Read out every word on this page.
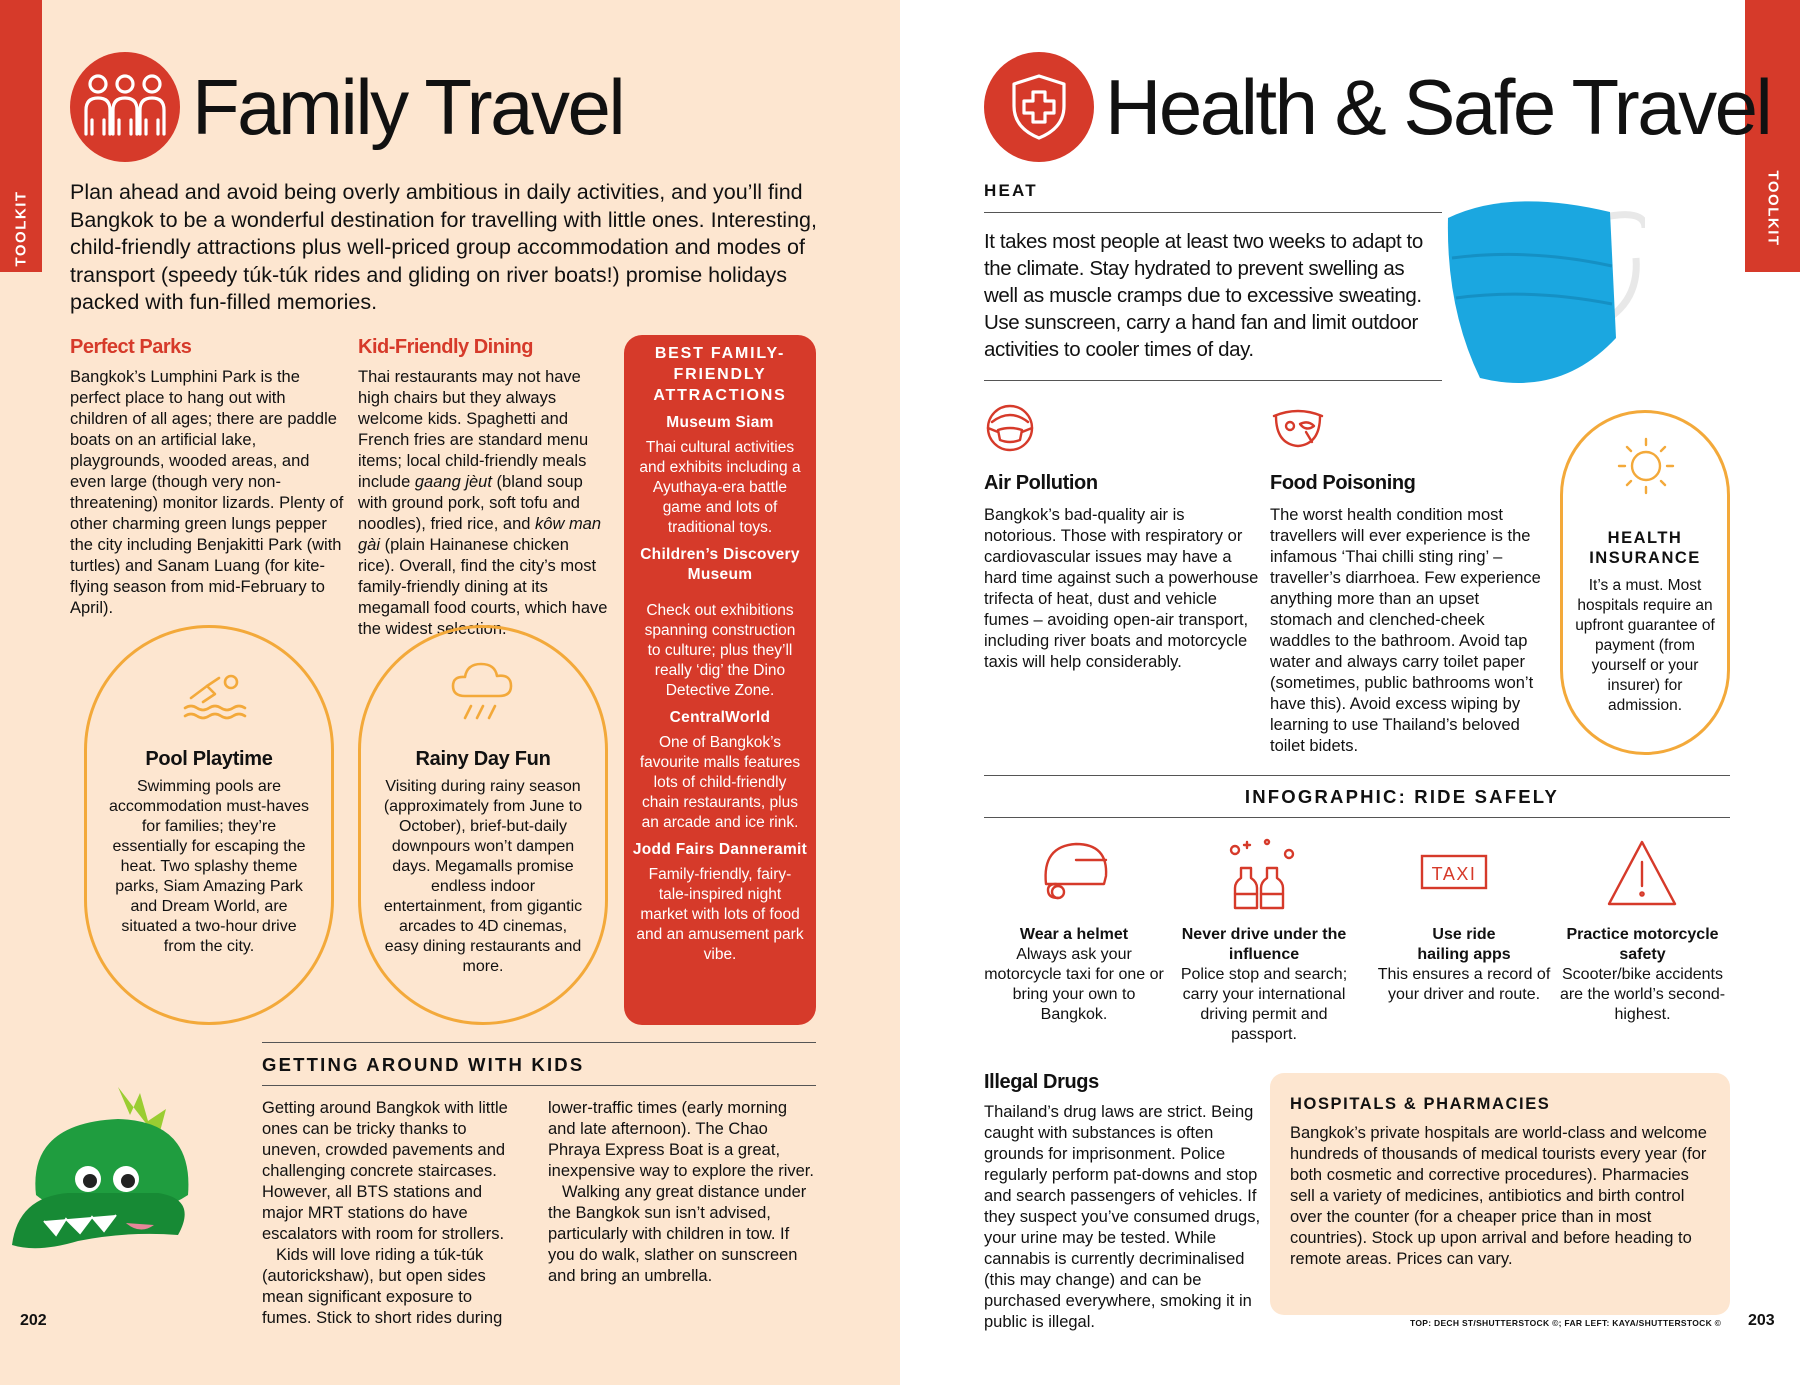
TOOLKIT
Family Travel

Plan ahead and avoid being overly ambitious in daily activities, and you’ll find Bangkok to be a wonderful destination for travelling with little ones. Interesting, child-friendly attractions plus well-priced group accommodation and modes of transport (speedy túk-túk rides and gliding on river boats!) promise holidays packed with fun-filled memories.

Perfect Parks

Bangkok’s Lumphini Park is the perfect place to hang out with children of all ages; there are paddle boats on an artificial lake, playgrounds, wooded areas, and even large (though very non-threatening) monitor lizards. Plenty of other charming green lungs pepper the city including Benjakitti Park (with turtles) and Sanam Luang (for kite-flying season from mid-February to April).

Kid-Friendly Dining

Thai restaurants may not have high chairs but they always welcome kids. Spaghetti and French fries are standard menu items; local child-friendly meals include gaang jèut (bland soup with ground pork, soft tofu and noodles), fried rice, and kôw man gài (plain Hainanese chicken rice). Overall, find the city’s most family-friendly dining at its megamall food courts, which have the widest selection.

BEST FAMILY-FRIENDLY ATTRACTIONS
Museum Siam
Thai cultural activities and exhibits including a Ayuthaya-era battle game and lots of traditional toys.
Children’s Discovery Museum
Check out exhibitions spanning construction to culture; plus they’ll really ‘dig’ the Dino Detective Zone.
CentralWorld
One of Bangkok’s favourite malls features lots of child-friendly chain restaurants, plus an arcade and ice rink.
Jodd Fairs Danneramit
Family-friendly, fairy-tale-inspired night market with lots of food and an amusement park vibe.
Pool Playtime
Swimming pools are accommodation must-haves for families; they’re essentially for escaping the heat. Two splashy theme parks, Siam Amazing Park and Dream World, are situated a two-hour drive from the city.
Rainy Day Fun
Visiting during rainy season (approximately from June to October), brief-but-daily downpours won’t dampen days. Megamalls promise endless indoor entertainment, from gigantic arcades to 4D cinemas, easy dining restaurants and more.
GETTING AROUND WITH KIDS

Getting around Bangkok with little ones can be tricky thanks to uneven, crowded pavements and challenging concrete staircases. However, all BTS stations and major MRT stations do have escalators with room for strollers.

Kids will love riding a túk-túk (autorickshaw), but open sides mean significant exposure to fumes. Stick to short rides during

lower-traffic times (early morning and late afternoon). The Chao Phraya Express Boat is a great, inexpensive way to explore the river.

Walking any great distance under the Bangkok sun isn’t advised, particularly with children in tow. If you do walk, slather on sunscreen and bring an umbrella.

202
TOOLKIT
Health & Safe Travel
HEAT

It takes most people at least two weeks to adapt to the climate. Stay hydrated to prevent swelling as well as muscle cramps due to excessive sweating. Use sunscreen, carry a hand fan and limit outdoor activities to cooler times of day.

Air Pollution

Bangkok’s bad-quality air is notorious. Those with respiratory or cardiovascular issues may have a hard time against such a powerhouse trifecta of heat, dust and vehicle fumes – avoiding open-air transport, including river boats and motorcycle taxis will help considerably.

Food Poisoning

The worst health condition most travellers will ever experience is the infamous ‘Thai chilli sting ring’ – traveller’s diarrhoea. Few experience anything more than an upset stomach and clenched-cheek waddles to the bathroom. Avoid tap water and always carry toilet paper (sometimes, public bathrooms won’t have this). Avoid excess wiping by learning to use Thailand’s beloved toilet bidets.

HEALTH INSURANCE
It’s a must. Most hospitals require an upfront guarantee of payment (from yourself or your insurer) for admission.
INFOGRAPHIC: RIDE SAFELY
TAXI
Wear a helmet
Always ask your motorcycle taxi for one or bring your own to Bangkok.
Never drive under the influence
Police stop and search; carry your international driving permit and passport.
Use ride hailing apps
This ensures a record of your driver and route.
Practice motorcycle safety
Scooter/bike accidents are the world’s second-highest.
Illegal Drugs

Thailand’s drug laws are strict. Being caught with substances is often grounds for imprisonment. Police regularly perform pat-downs and stop and search passengers of vehicles. If they suspect you’ve consumed drugs, your urine may be tested. While cannabis is currently decriminalised (this may change) and can be purchased everywhere, smoking it in public is illegal.

HOSPITALS & PHARMACIES

Bangkok’s private hospitals are world-class and welcome hundreds of thousands of medical tourists every year (for both cosmetic and corrective procedures). Pharmacies sell a variety of medicines, antibiotics and birth control over the counter (for a cheaper price than in most countries). Stock up upon arrival and before heading to remote areas. Prices can vary.

TOP: DECH ST/SHUTTERSTOCK ©; FAR LEFT: KAYA/SHUTTERSTOCK © 203
